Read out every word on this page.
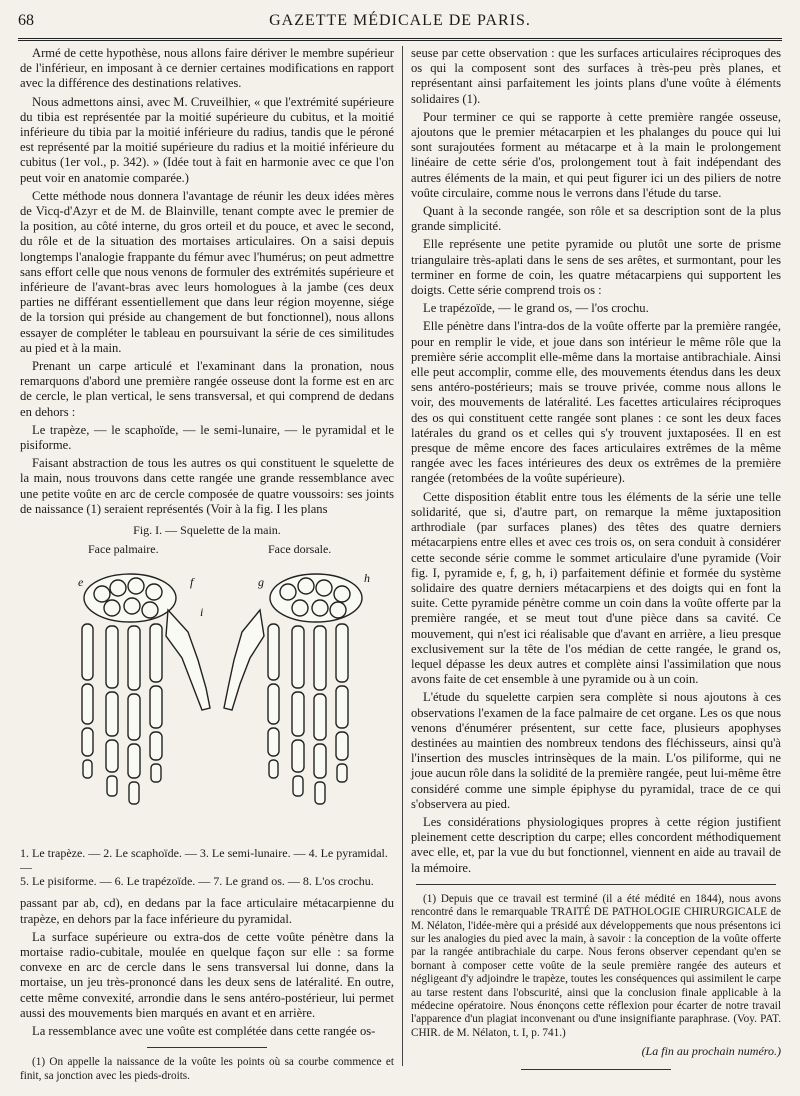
68	GAZETTE MÉDICALE DE PARIS.

Armé de cette hypothèse, nous allons faire dériver le membre supérieur de l'inférieur, en imposant à ce dernier certaines modifications en rapport avec la différence des destinations relatives.

Nous admettons ainsi, avec M. Cruveilhier, « que l'extrémité supérieure du tibia est représentée par la moitié supérieure du cubitus, et la moitié inférieure du tibia par la moitié inférieure du radius, tandis que le péroné est représenté par la moitié supérieure du radius et la moitié inférieure du cubitus (1er vol., p. 342). » (Idée tout à fait en harmonie avec ce que l'on peut voir en anatomie comparée.)

Cette méthode nous donnera l'avantage de réunir les deux idées mères de Vicq-d'Azyr et de M. de Blainville, tenant compte avec le premier de la position, au côté interne, du gros orteil et du pouce, et avec le second, du rôle et de la situation des mortaises articulaires. On a saisi depuis longtemps l'analogie frappante du fémur avec l'humérus; on peut admettre sans effort celle que nous venons de formuler des extrémités supérieure et inférieure de l'avant-bras avec leurs homologues à la jambe (ces deux parties ne différant essentiellement que dans leur région moyenne, siége de la torsion qui préside au changement de but fonctionnel), nous allons essayer de compléter le tableau en poursuivant la série de ces similitudes au pied et à la main.

Prenant un carpe articulé et l'examinant dans la pronation, nous remarquons d'abord une première rangée osseuse dont la forme est en arc de cercle, le plan vertical, le sens transversal, et qui comprend de dedans en dehors :

Le trapèze, — le scaphoïde, — le semi-lunaire, — le pyramidal et le pisiforme.

Faisant abstraction de tous les autres os qui constituent le squelette de la main, nous trouvons dans cette rangée une grande ressemblance avec une petite voûte en arc de cercle composée de quatre voussoirs: ses joints de naissance (1) seraient représentés (Voir à la fig. I les plans

Fig. I. — Squelette de la main.
Face palmaire.	Face dorsale.
e	f	g	h
i
1. Le trapèze. — 2. Le scaphoïde. — 3. Le semi-lunaire. — 4. Le pyramidal. —
5. Le pisiforme. — 6. Le trapézoïde. — 7. Le grand os. — 8. L'os crochu.

passant par ab, cd), en dedans par la face articulaire métacarpienne du trapèze, en dehors par la face inférieure du pyramidal.

La surface supérieure ou extra-dos de cette voûte pénètre dans la mortaise radio-cubitale, moulée en quelque façon sur elle : sa forme convexe en arc de cercle dans le sens transversal lui donne, dans la mortaise, un jeu très-prononcé dans les deux sens de latéralité. En outre, cette même convexité, arrondie dans le sens antéro-postérieur, lui permet aussi des mouvements bien marqués en avant et en arrière.

La ressemblance avec une voûte est complétée dans cette rangée os-

(1) On appelle la naissance de la voûte les points où sa courbe commence et finit, sa jonction avec les pieds-droits.

seuse par cette observation : que les surfaces articulaires réciproques des os qui la composent sont des surfaces à très-peu près planes, et représentant ainsi parfaitement les joints plans d'une voûte à éléments solidaires (1).

Pour terminer ce qui se rapporte à cette première rangée osseuse, ajoutons que le premier métacarpien et les phalanges du pouce qui lui sont surajoutées forment au métacarpe et à la main le prolongement linéaire de cette série d'os, prolongement tout à fait indépendant des autres éléments de la main, et qui peut figurer ici un des piliers de notre voûte circulaire, comme nous le verrons dans l'étude du tarse.

Quant à la seconde rangée, son rôle et sa description sont de la plus grande simplicité.

Elle représente une petite pyramide ou plutôt une sorte de prisme triangulaire très-aplati dans le sens de ses arêtes, et surmontant, pour les terminer en forme de coin, les quatre métacarpiens qui supportent les doigts. Cette série comprend trois os :

Le trapézoïde, — le grand os, — l'os crochu.

Elle pénètre dans l'intra-dos de la voûte offerte par la première rangée, pour en remplir le vide, et joue dans son intérieur le même rôle que la première série accomplit elle-même dans la mortaise antibrachiale. Ainsi elle peut accomplir, comme elle, des mouvements étendus dans les deux sens antéro-postérieurs; mais se trouve privée, comme nous allons le voir, des mouvements de latéralité. Les facettes articulaires réciproques des os qui constituent cette rangée sont planes : ce sont les deux faces latérales du grand os et celles qui s'y trouvent juxtaposées. Il en est presque de même encore des faces articulaires extrêmes de la même rangée avec les faces intérieures des deux os extrêmes de la première rangée (retombées de la voûte supérieure).

Cette disposition établit entre tous les éléments de la série une telle solidarité, que si, d'autre part, on remarque la même juxtaposition arthrodiale (par surfaces planes) des têtes des quatre derniers métacarpiens entre elles et avec ces trois os, on sera conduit à considérer cette seconde série comme le sommet articulaire d'une pyramide (Voir fig. I, pyramide e, f, g, h, i) parfaitement définie et formée du système solidaire des quatre derniers métacarpiens et des doigts qui en font la suite. Cette pyramide pénètre comme un coin dans la voûte offerte par la première rangée, et se meut tout d'une pièce dans sa cavité. Ce mouvement, qui n'est ici réalisable que d'avant en arrière, a lieu presque exclusivement sur la tête de l'os médian de cette rangée, le grand os, lequel dépasse les deux autres et complète ainsi l'assimilation que nous avons faite de cet ensemble à une pyramide ou à un coin.

L'étude du squelette carpien sera complète si nous ajoutons à ces observations l'examen de la face palmaire de cet organe. Les os que nous venons d'énumérer présentent, sur cette face, plusieurs apophyses destinées au maintien des nombreux tendons des fléchisseurs, ainsi qu'à l'insertion des muscles intrinsèques de la main. L'os piliforme, qui ne joue aucun rôle dans la solidité de la première rangée, peut lui-même être considéré comme une simple épiphyse du pyramidal, trace de ce qui s'observera au pied.

Les considérations physiologiques propres à cette région justifient pleinement cette description du carpe; elles concordent méthodiquement avec elle, et, par la vue du but fonctionnel, viennent en aide au travail de la mémoire.

(1) Depuis que ce travail est terminé (il a été médité en 1844), nous avons rencontré dans le remarquable TRAITÉ DE PATHOLOGIE CHIRURGICALE de M. Nélaton, l'idée-mère qui a présidé aux développements que nous présentons ici sur les analogies du pied avec la main, à savoir : la conception de la voûte offerte par la rangée antibrachiale du carpe. Nous ferons observer cependant qu'en se bornant à composer cette voûte de la seule première rangée des auteurs et négligeant d'y adjoindre le trapèze, toutes les conséquences qui assimilent le carpe au tarse restent dans l'obscurité, ainsi que la conclusion finale applicable à la médecine opératoire. Nous énonçons cette réflexion pour écarter de notre travail l'apparence d'un plagiat inconvenant ou d'une insignifiante paraphrase. (Voy. PAT. CHIR. de M. Nélaton, t. I, p. 741.)

(La fin au prochain numéro.)
